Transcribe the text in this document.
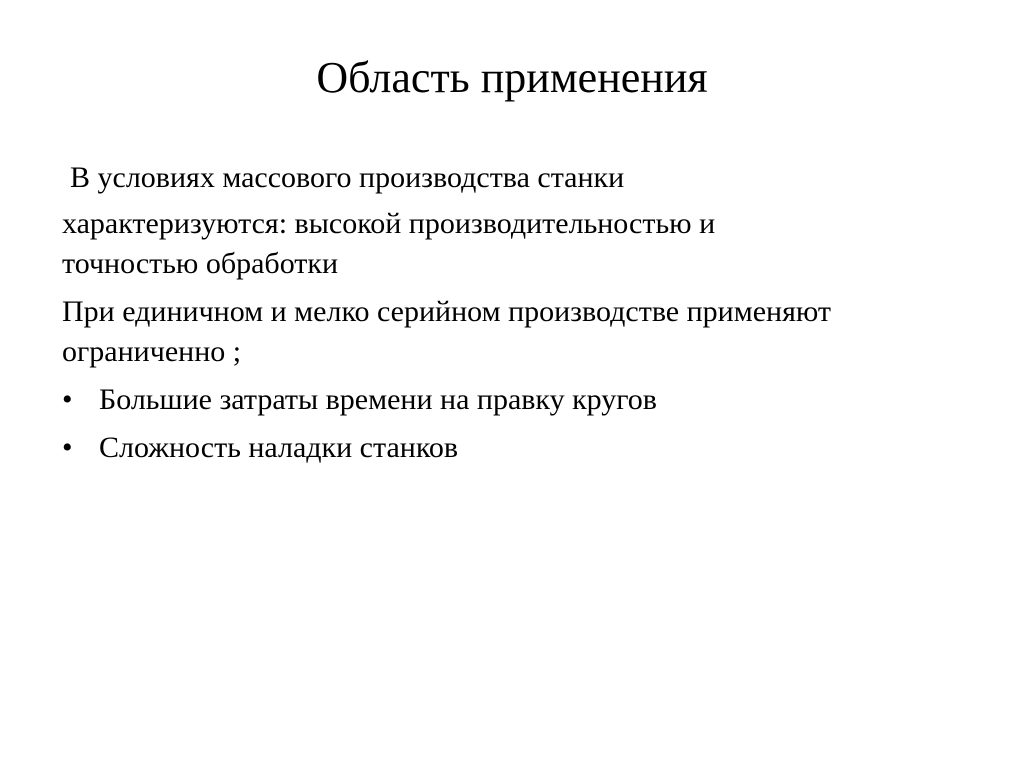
Область применения

В условиях массового производства станки

характеризуются: высокой производительностью и
точностью обработки

При единичном и мелко серийном производстве применяют
ограниченно ;

• Большие затраты времени на правку кругов
• Сложность наладки станков
